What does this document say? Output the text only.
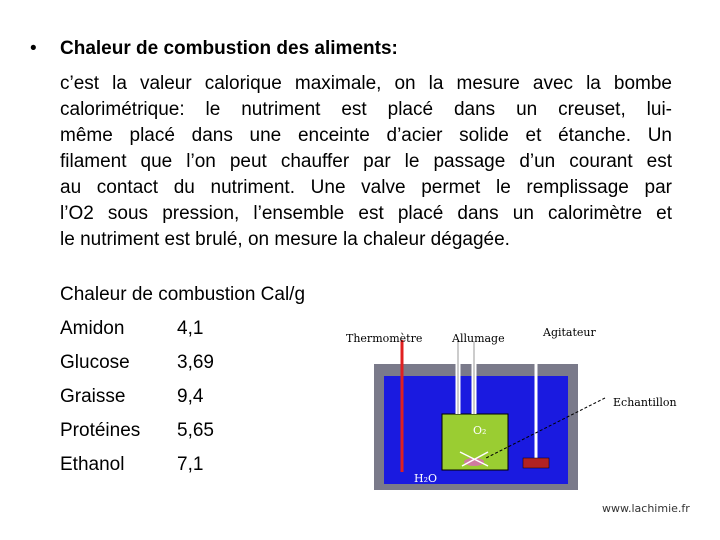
• Chaleur de combustion des aliments:
c’est la valeur calorique maximale, on la mesure avec la bombe
calorimétrique: le nutriment est placé dans un creuset, lui-
même placé dans une enceinte d’acier solide et étanche. Un
filament que l’on peut chauffer par le passage d’un courant est
au contact du nutriment. Une valve permet le remplissage par
l’O2 sous pression, l’ensemble est placé dans un calorimètre et
le nutriment est brulé, on mesure la chaleur dégagée.
Chaleur de combustion Cal/g
Amidon	4,1
Glucose 3,69
Graisse	9,4
Protéines 5,65
Ethanol	7,1
Thermomètre	Allumage	Agitateur
Echantillon
O₂
H₂O
www.lachimie.fr
